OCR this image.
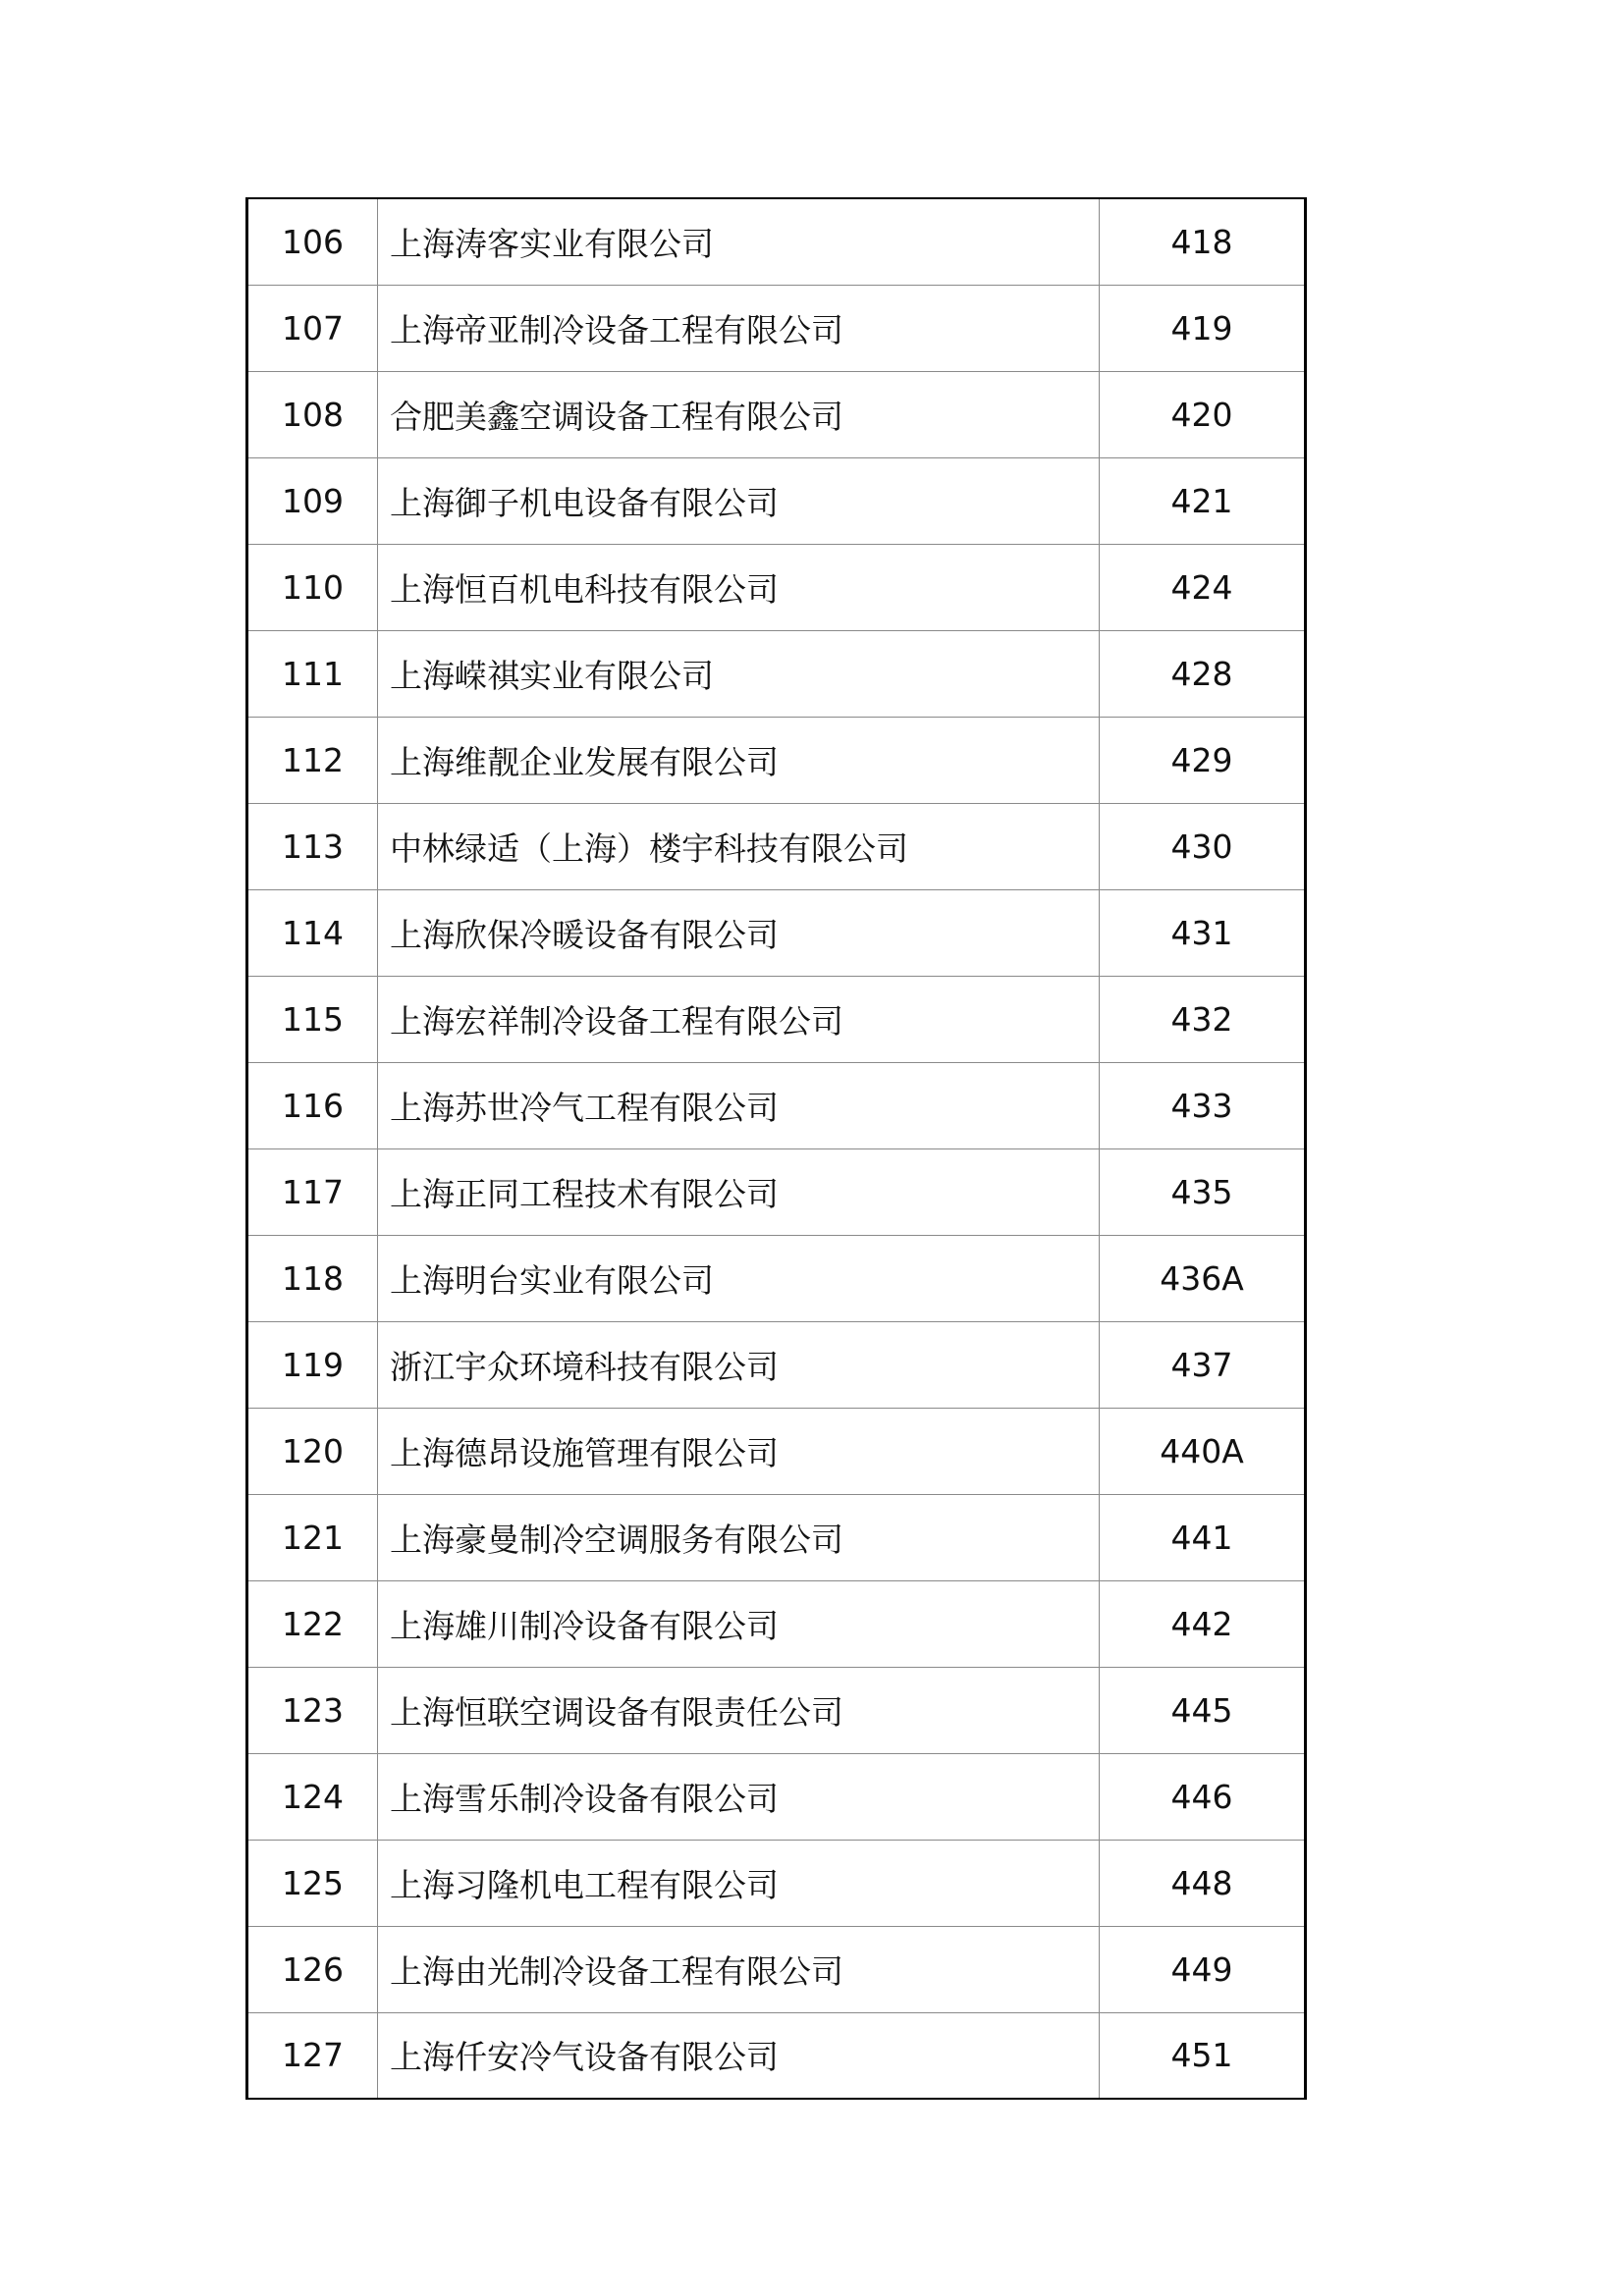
106	上海涛客实业有限公司	418
107	上海帝亚制冷设备工程有限公司	419
108	合肥美鑫空调设备工程有限公司	420
109	上海御子机电设备有限公司	421
110	上海恒百机电科技有限公司	424
111	上海嵘祺实业有限公司	428
112	上海维靓企业发展有限公司	429
113	中林绿适（上海）楼宇科技有限公司	430
114	上海欣保冷暖设备有限公司	431
115	上海宏祥制冷设备工程有限公司	432
116	上海苏世冷气工程有限公司	433
117	上海正同工程技术有限公司	435
118	上海明台实业有限公司	436A
119	浙江宇众环境科技有限公司	437
120	上海德昂设施管理有限公司	440A
121	上海豪曼制冷空调服务有限公司	441
122	上海雄川制冷设备有限公司	442
123	上海恒联空调设备有限责任公司	445
124	上海雪乐制冷设备有限公司	446
125	上海习隆机电工程有限公司	448
126	上海由光制冷设备工程有限公司	449
127	上海仟安冷气设备有限公司	451
